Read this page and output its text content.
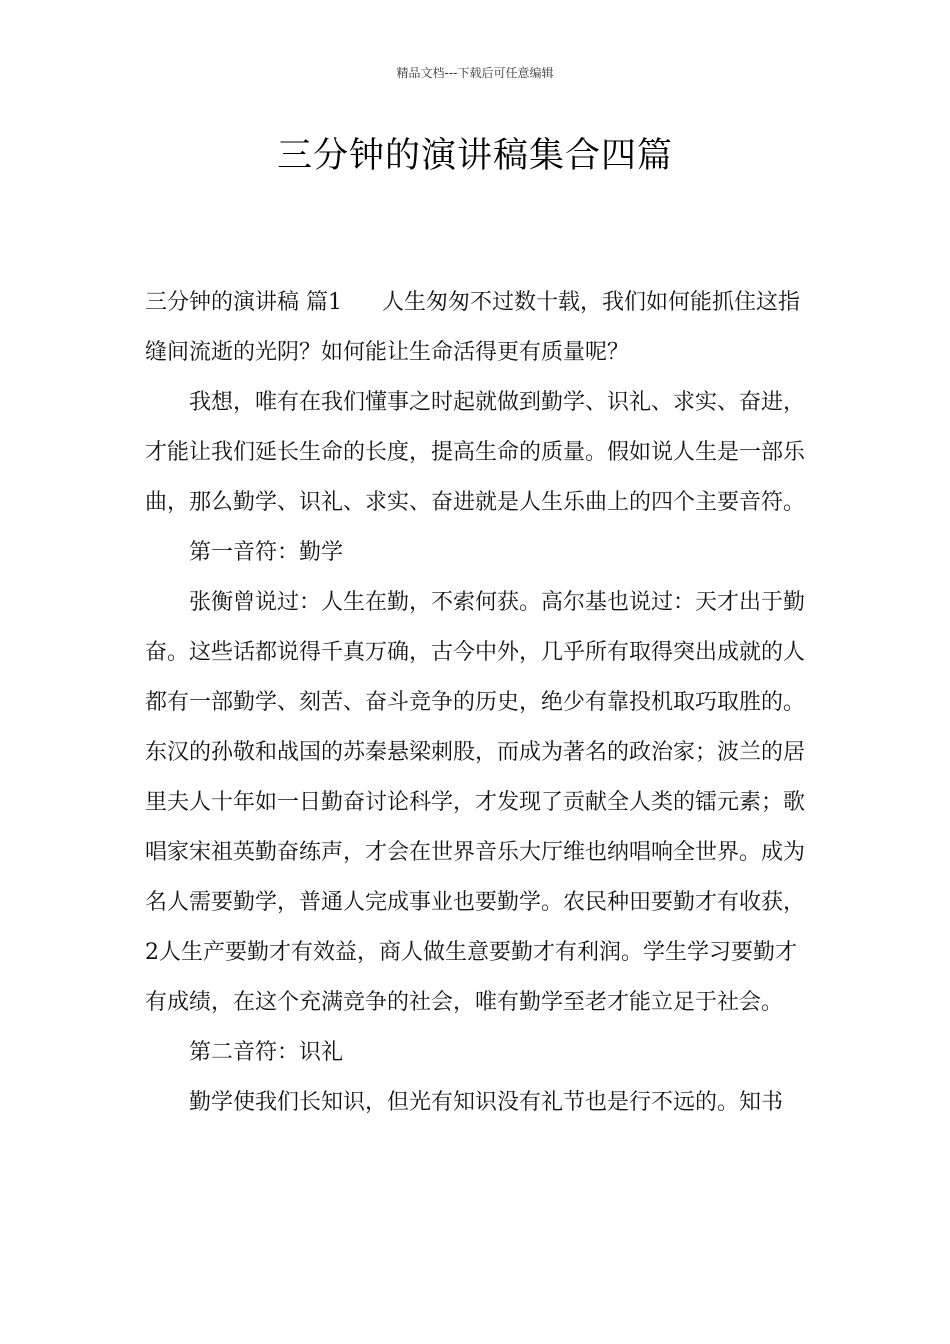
精品文档---下载后可任意编辑
三分钟的演讲稿集合四篇

三分钟的演讲稿 篇1 人生匆匆不过数十载，我们如何能抓住这指缝间流逝的光阴？如何能让生命活得更有质量呢？

我想，唯有在我们懂事之时起就做到勤学、识礼、求实、奋进，才能让我们延长生命的长度，提高生命的质量。假如说人生是一部乐曲，那么勤学、识礼、求实、奋进就是人生乐曲上的四个主要音符。

第一音符：勤学

张衡曾说过：人生在勤，不索何获。高尔基也说过：天才出于勤奋。这些话都说得千真万确，古今中外，几乎所有取得突出成就的人都有一部勤学、刻苦、奋斗竞争的历史，绝少有靠投机取巧取胜的。东汉的孙敬和战国的苏秦悬梁刺股，而成为著名的政治家；波兰的居里夫人十年如一日勤奋讨论科学，才发现了贡献全人类的镭元素；歌唱家宋祖英勤奋练声，才会在世界音乐大厅维也纳唱响全世界。成为名人需要勤学，普通人完成事业也要勤学。农民种田要勤才有收获，2人生产要勤才有效益，商人做生意要勤才有利润。学生学习要勤才有成绩，在这个充满竞争的社会，唯有勤学至老才能立足于社会。

第二音符：识礼

勤学使我们长知识，但光有知识没有礼节也是行不远的。知书
